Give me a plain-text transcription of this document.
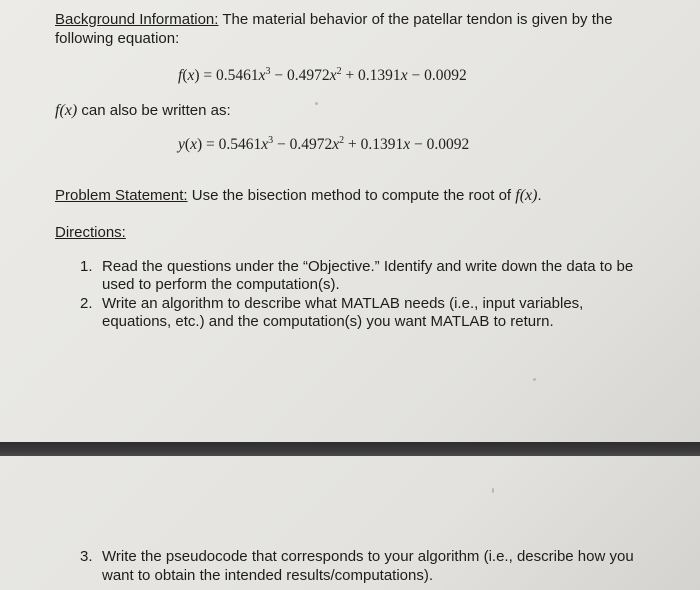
Background Information: The material behavior of the patellar tendon is given by the
following equation:
$f(x) = 0.5461x^3 - 0.4972x^2 + 0.1391x - 0.0092$
f(x) can also be written as:
$y(x) = 0.5461x^3 - 0.4972x^2 + 0.1391x - 0.0092$
Problem Statement: Use the bisection method to compute the root of f(x).
Directions:
1. Read the questions under the “Objective.” Identify and write down the data to be
used to perform the computation(s).
2. Write an algorithm to describe what MATLAB needs (i.e., input variables,
equations, etc.) and the computation(s) you want MATLAB to return.
3. Write the pseudocode that corresponds to your algorithm (i.e., describe how you
want to obtain the intended results/computations).
